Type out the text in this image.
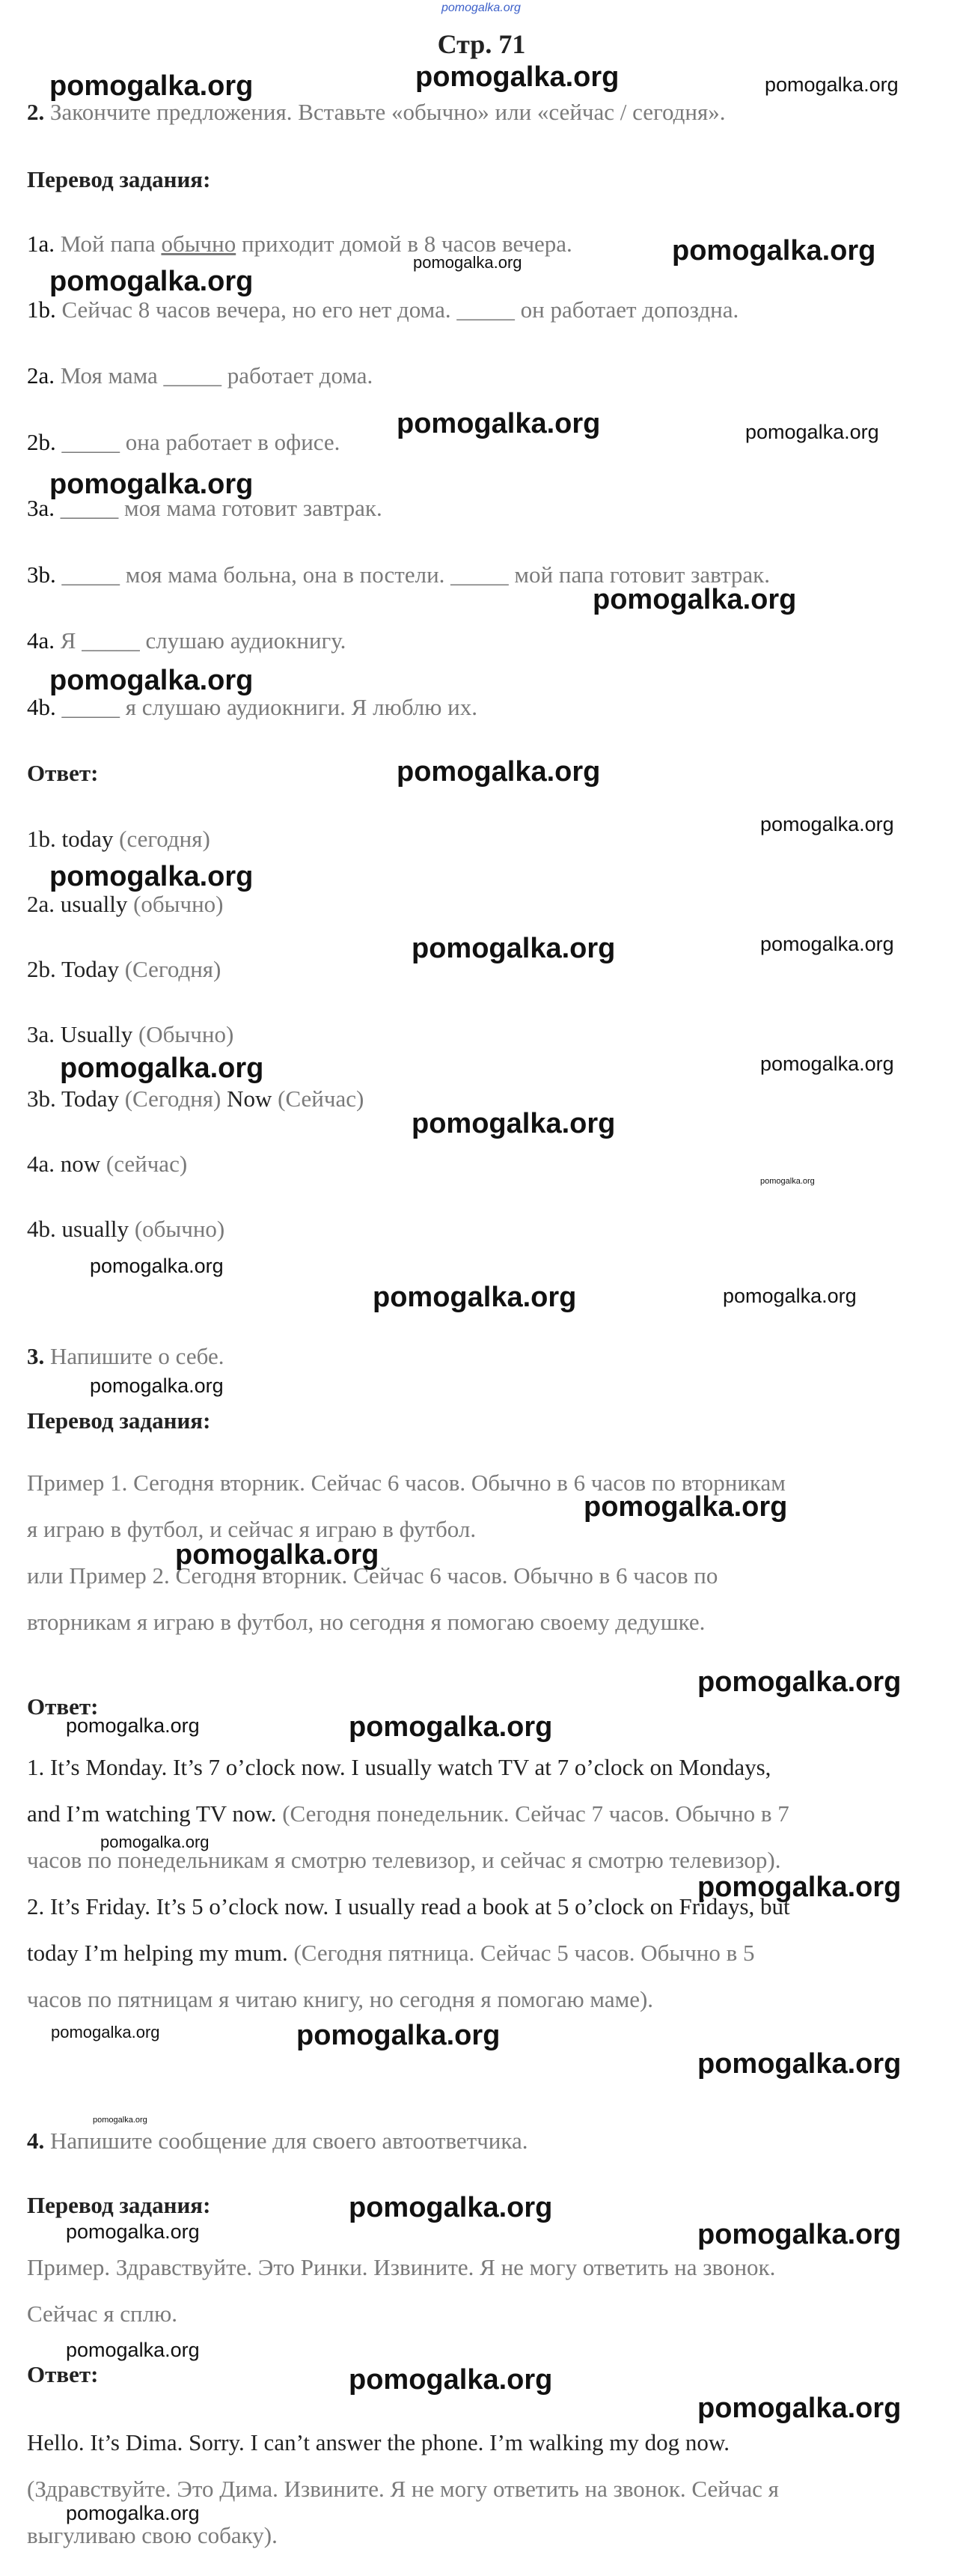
pomogalka.org
Стр. 71
2. Закончите предложения. Вставьте «обычно» или «сейчас / сегодня».
Перевод задания:
1a. Мой папа обычно приходит домой в 8 часов вечера.
1b. Сейчас 8 часов вечера, но его нет дома. _____ он работает допоздна.
2a. Моя мама _____ работает дома.
2b. _____ она работает в офисе.
3a. _____ моя мама готовит завтрак.
3b. _____ моя мама больна, она в постели. _____ мой папа готовит завтрак.
4a. Я _____ слушаю аудиокнигу.
4b. _____ я слушаю аудиокниги. Я люблю их.
Ответ:
1b. today (сегодня)
2a. usually (обычно)
2b. Today (Сегодня)
3a. Usually (Обычно)
3b. Today (Сегодня) Now (Сейчас)
4a. now (сейчас)
4b. usually (обычно)
3. Напишите о себе.
Перевод задания:
Пример 1. Сегодня вторник. Сейчас 6 часов. Обычно в 6 часов по вторникам
я играю в футбол, и сейчас я играю в футбол.
или Пример 2. Сегодня вторник. Сейчас 6 часов. Обычно в 6 часов по
вторникам я играю в футбол, но сегодня я помогаю своему дедушке.
Ответ:
1. It’s Monday. It’s 7 o’clock now. I usually watch TV at 7 o’clock on Mondays,
and I’m watching TV now. (Сегодня понедельник. Сейчас 7 часов. Обычно в 7
часов по понедельникам я смотрю телевизор, и сейчас я смотрю телевизор).
2. It’s Friday. It’s 5 o’clock now. I usually read a book at 5 o’clock on Fridays, but
today I’m helping my mum. (Сегодня пятница. Сейчас 5 часов. Обычно в 5
часов по пятницам я читаю книгу, но сегодня я помогаю маме).
4. Напишите сообщение для своего автоответчика.
Перевод задания:
Пример. Здравствуйте. Это Ринки. Извините. Я не могу ответить на звонок.
Сейчас я сплю.
Ответ:
Hello. It’s Dima. Sorry. I can’t answer the phone. I’m walking my dog now.
(Здравствуйте. Это Дима. Извините. Я не могу ответить на звонок. Сейчас я
выгуливаю свою собаку).
pomogalka.org	pomogalka.org	pomogalka.org
pomogalka.org
pomogalka.org
pomogalka.org
pomogalka.org	pomogalka.org
pomogalka.org
pomogalka.org
pomogalka.org
pomogalka.org
pomogalka.org
pomogalka.org
pomogalka.org	pomogalka.org
pomogalka.org	pomogalka.org
pomogalka.org
pomogalka.org
pomogalka.org
pomogalka.org	pomogalka.org
pomogalka.org
pomogalka.org
pomogalka.org
pomogalka.org
pomogalka.org	pomogalka.org
pomogalka.org
pomogalka.org
pomogalka.org	pomogalka.org
pomogalka.org
pomogalka.org
pomogalka.org
pomogalka.org	pomogalka.org
pomogalka.org
pomogalka.org
pomogalka.org
pomogalka.org
